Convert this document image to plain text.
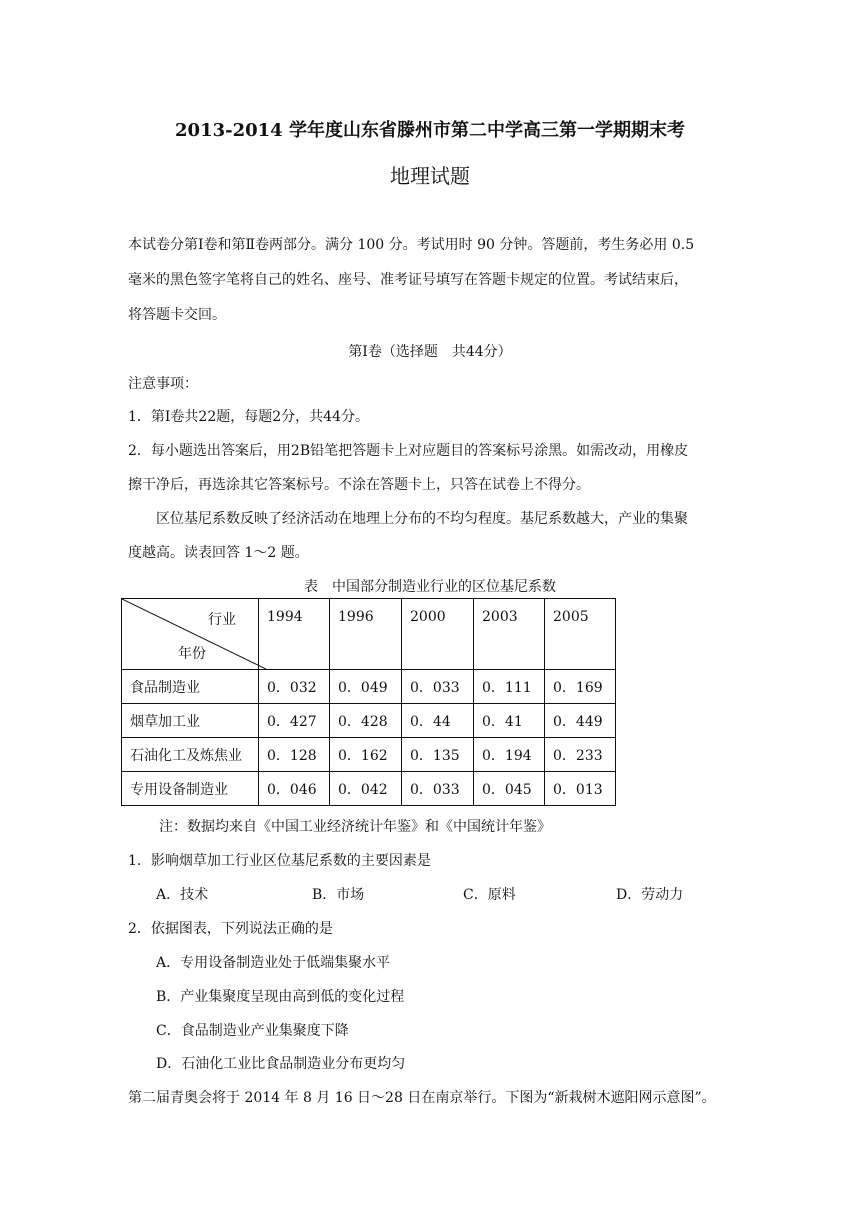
2013-2014 学年度山东省滕州市第二中学高三第一学期期末考
地理试题
本试卷分第Ⅰ卷和第Ⅱ卷两部分。满分 100 分。考试用时 90 分钟。答题前，考生务必用 0.5
毫米的黑色签字笔将自己的姓名、座号、准考证号填写在答题卡规定的位置。考试结束后，
将答题卡交回。
第Ⅰ卷（选择题　共44分）
注意事项：
1．第Ⅰ卷共22题，每题2分，共44分。
2．每小题选出答案后，用2B铅笔把答题卡上对应题目的答案标号涂黑。如需改动，用橡皮
擦干净后，再选涂其它答案标号。不涂在答题卡上，只答在试卷上不得分。
区位基尼系数反映了经济活动在地理上分布的不均匀程度。基尼系数越大，产业的集聚
度越高。读表回答 1～2 题。
表　中国部分制造业行业的区位基尼系数
行业
年份	1994	1996	2000	2003	2005
食品制造业	0．032	0．049	0．033	0．111	0．169
烟草加工业	0．427	0．428	0．44	0．41	0．449
石油化工及炼焦业	0．128	0．162	0．135	0．194	0．233
专用设备制造业	0．046	0．042	0．033	0．045	0．013
注：数据均来自《中国工业经济统计年鉴》和《中国统计年鉴》
1．影响烟草加工行业区位基尼系数的主要因素是
A．技术	B．市场	C．原料	D．劳动力
2．依据图表，下列说法正确的是
A．专用设备制造业处于低端集聚水平
B．产业集聚度呈现由高到低的变化过程
C．食品制造业产业集聚度下降
D．石油化工业比食品制造业分布更均匀
第二届青奥会将于 2014 年 8 月 16 日～28 日在南京举行。下图为“新栽树木遮阳网示意图”。
